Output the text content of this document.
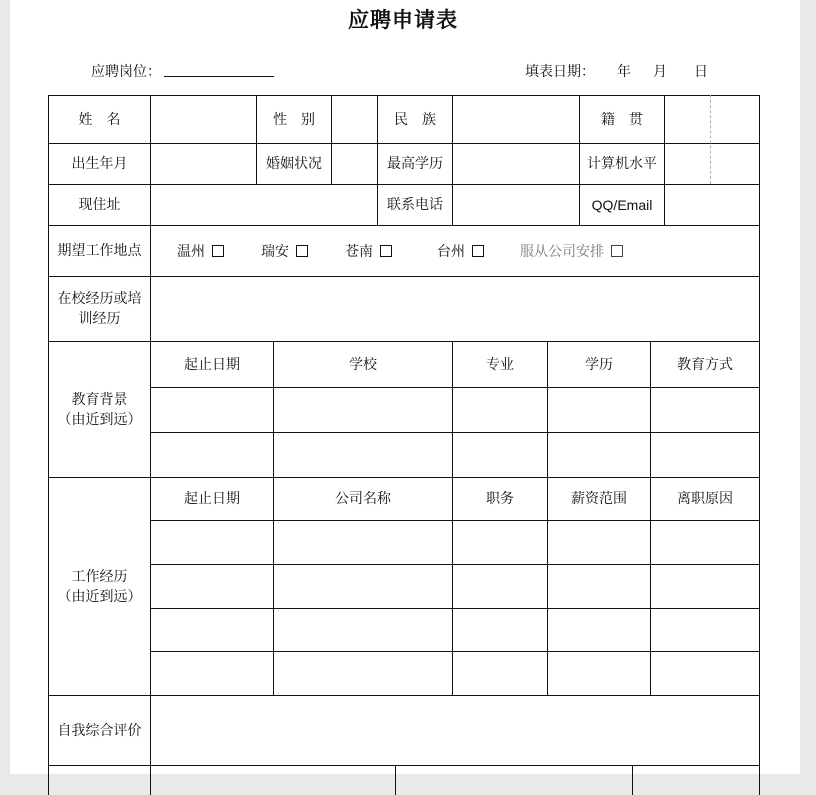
应聘申请表
应聘岗位：	填表日期： 年 月 日
姓　名	性　别	民　族	籍　贯
出生年月	婚姻状况	最高学历	计算机水平
现住址	联系电话	QQ/Email
期望工作地点	温州	瑞安	苍南	台州	服从公司安排
在校经历或培
训经历
教育背景
（由近到远）
起止日期	学校	专业	学历	教育方式
工作经历
（由近到远）
起止日期	公司名称	职务	薪资范围	离职原因
自我综合评价
